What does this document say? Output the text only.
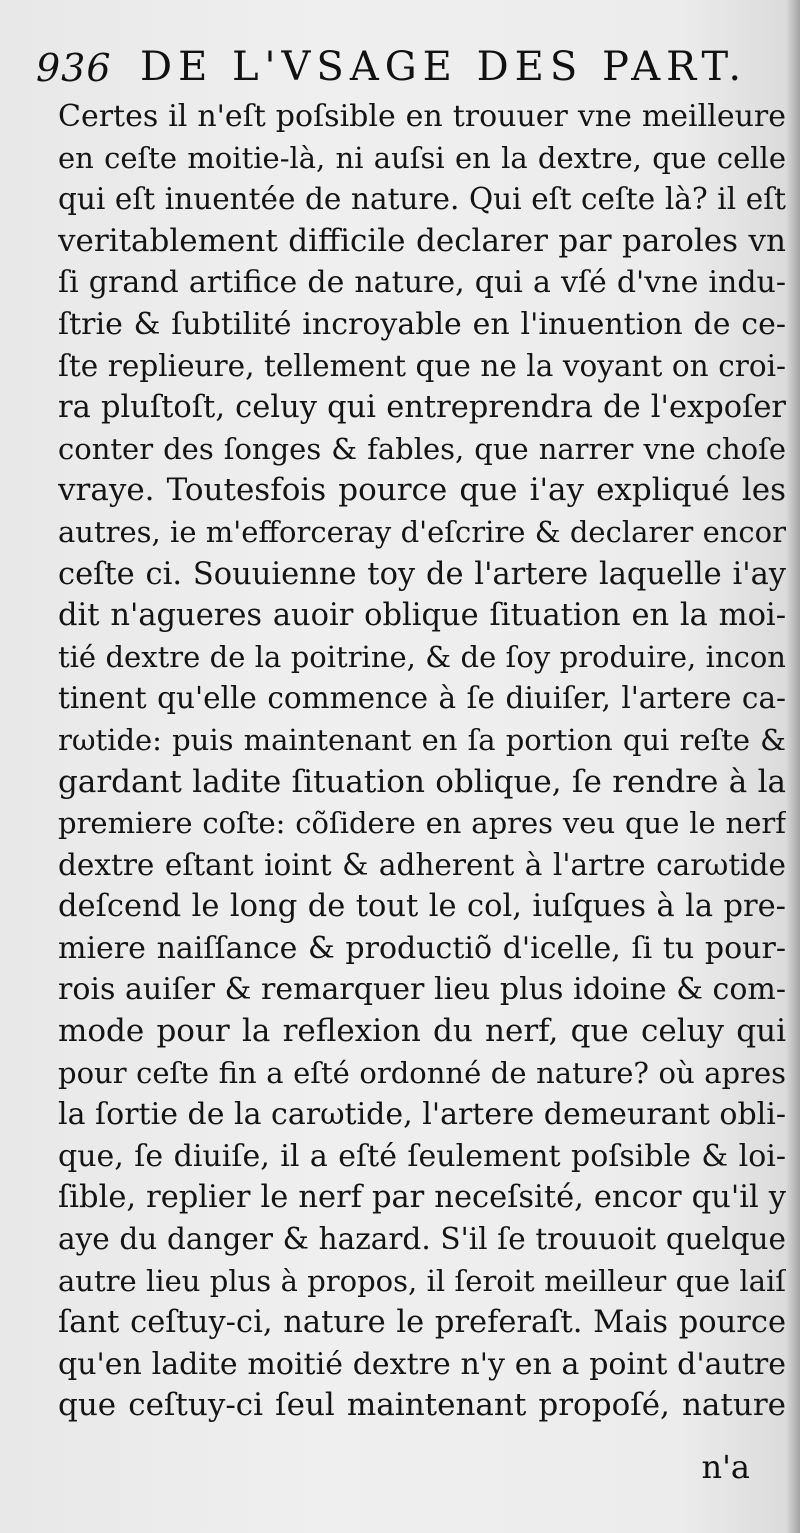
936 DE L'VSAGE DES PART.
Certes il n'eſt poſsible en trouuer vne meilleure
en ceſte moitie-là, ni auſsi en la dextre, que celle
qui eſt inuentée de nature. Qui eſt ceſte là? il eſt
veritablement difficile declarer par paroles vn
ſi grand artifice de nature, qui a vſé d'vne indu-
ſtrie & ſubtilité incroyable en l'inuention de ce-
ſte replieure, tellement que ne la voyant on croi-
ra pluſtoſt, celuy qui entreprendra de l'expoſer
conter des ſonges & fables, que narrer vne choſe
vraye. Toutesfois pource que i'ay expliqué les
autres, ie m'efforceray d'eſcrire & declarer encor
ceſte ci. Souuienne toy de l'artere laquelle i'ay
dit n'agueres auoir oblique ſituation en la moi-
tié dextre de la poitrine, & de ſoy produire, incon
tinent qu'elle commence à ſe diuiſer, l'artere ca-
rωtide: puis maintenant en ſa portion qui reſte &
gardant ladite ſituation oblique, ſe rendre à la
premiere coſte: cõſidere en apres veu que le nerf
dextre eſtant ioint & adherent à l'artre carωtide
deſcend le long de tout le col, iuſques à la pre-
miere naiſſance & productiõ d'icelle, ſi tu pour-
rois auiſer & remarquer lieu plus idoine & com-
mode pour la reflexion du nerf, que celuy qui
pour ceſte fin a eſté ordonné de nature? où apres
la ſortie de la carωtide, l'artere demeurant obli-
que, ſe diuiſe, il a eſté ſeulement poſsible & loi-
ſible, replier le nerf par neceſsité, encor qu'il y
aye du danger & hazard. S'il ſe trouuoit quelque
autre lieu plus à propos, il ſeroit meilleur que laiſ
ſant ceſtuy-ci, nature le preferaſt. Mais pource
qu'en ladite moitié dextre n'y en a point d'autre
que ceſtuy-ci ſeul maintenant propoſé, nature
n'a
